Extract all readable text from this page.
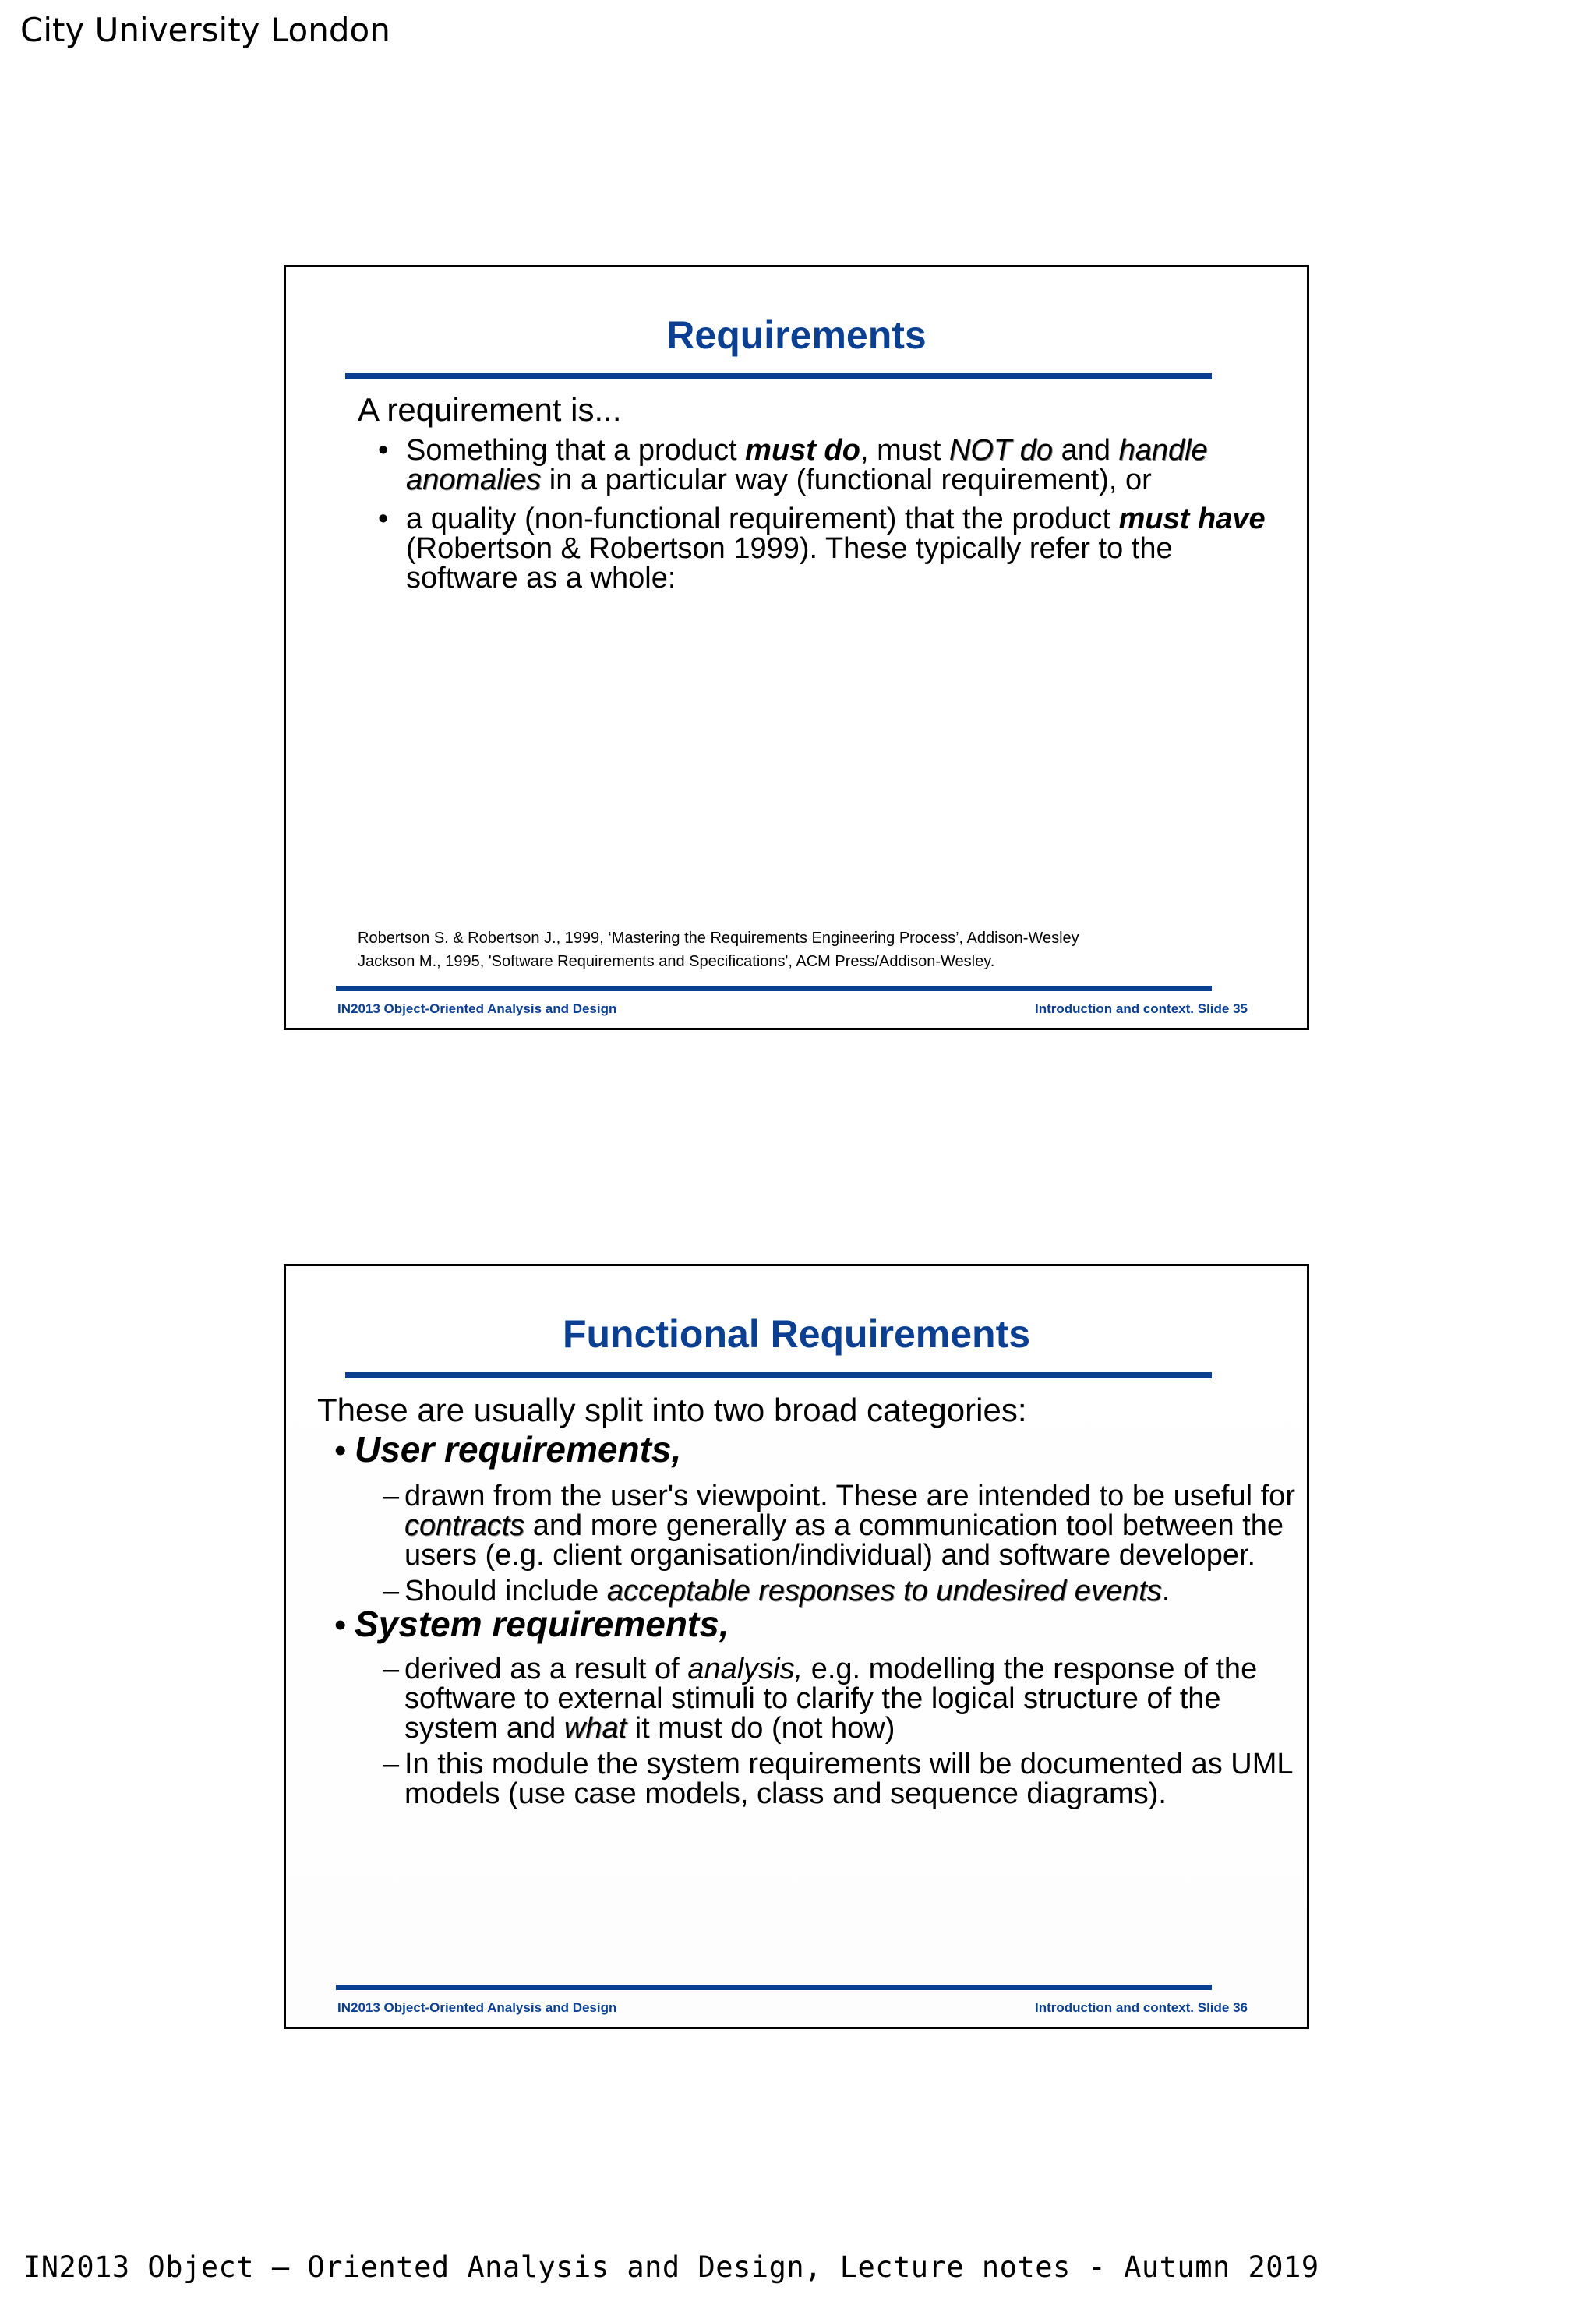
City University London
Requirements
A requirement is...
• Something that a product must do, must NOT do and handle
anomalies in a particular way (functional requirement), or
• a quality (non-functional requirement) that the product must have
(Robertson & Robertson 1999). These typically refer to the
software as a whole:
Robertson S. & Robertson J., 1999, ‘Mastering the Requirements Engineering Process’, Addison-Wesley
Jackson M., 1995, 'Software Requirements and Specifications', ACM Press/Addison-Wesley.
IN2013 Object-Oriented Analysis and Design	Introduction and context. Slide 35
Functional Requirements
These are usually split into two broad categories:
• User requirements,
– drawn from the user's viewpoint. These are intended to be useful for
contracts and more generally as a communication tool between the
users (e.g. client organisation/individual) and software developer.
– Should include acceptable responses to undesired events.
• System requirements,
– derived as a result of analysis, e.g. modelling the response of the
software to external stimuli to clarify the logical structure of the
system and what it must do (not how)
– In this module the system requirements will be documented as UML
models (use case models, class and sequence diagrams).
IN2013 Object-Oriented Analysis and Design	Introduction and context. Slide 36
IN2013 Object – Oriented Analysis and Design, Lecture notes - Autumn 2019
